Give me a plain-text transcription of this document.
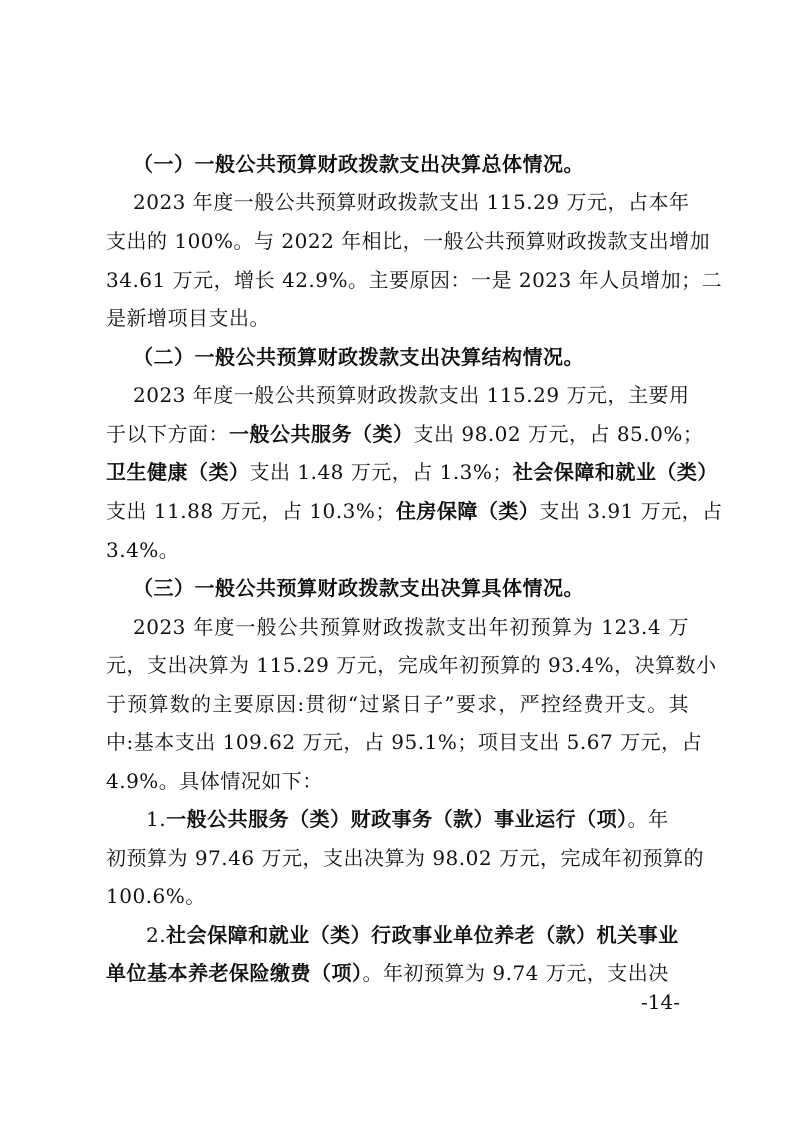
（一）一般公共预算财政拨款支出决算总体情况。
2023 年度一般公共预算财政拨款支出 115.29 万元，占本年
支出的 100%。与 2022 年相比，一般公共预算财政拨款支出增加
34.61 万元，增长 42.9%。主要原因：一是 2023 年人员增加；二
是新增项目支出。
（二）一般公共预算财政拨款支出决算结构情况。
2023 年度一般公共预算财政拨款支出 115.29 万元，主要用
于以下方面：一般公共服务（类）支出 98.02 万元，占 85.0%；
卫生健康（类）支出 1.48 万元，占 1.3%；社会保障和就业（类）
支出 11.88 万元，占 10.3%；住房保障（类）支出 3.91 万元，占
3.4%。
（三）一般公共预算财政拨款支出决算具体情况。
2023 年度一般公共预算财政拨款支出年初预算为 123.4 万
元，支出决算为 115.29 万元，完成年初预算的 93.4%，决算数小
于预算数的主要原因:贯彻“过紧日子”要求，严控经费开支。其
中:基本支出 109.62 万元，占 95.1%；项目支出 5.67 万元，占
4.9%。具体情况如下：
1.一般公共服务（类）财政事务（款）事业运行（项）。年
初预算为 97.46 万元，支出决算为 98.02 万元，完成年初预算的
100.6%。
2.社会保障和就业（类）行政事业单位养老（款）机关事业
单位基本养老保险缴费（项）。年初预算为 9.74 万元，支出决
-14-
